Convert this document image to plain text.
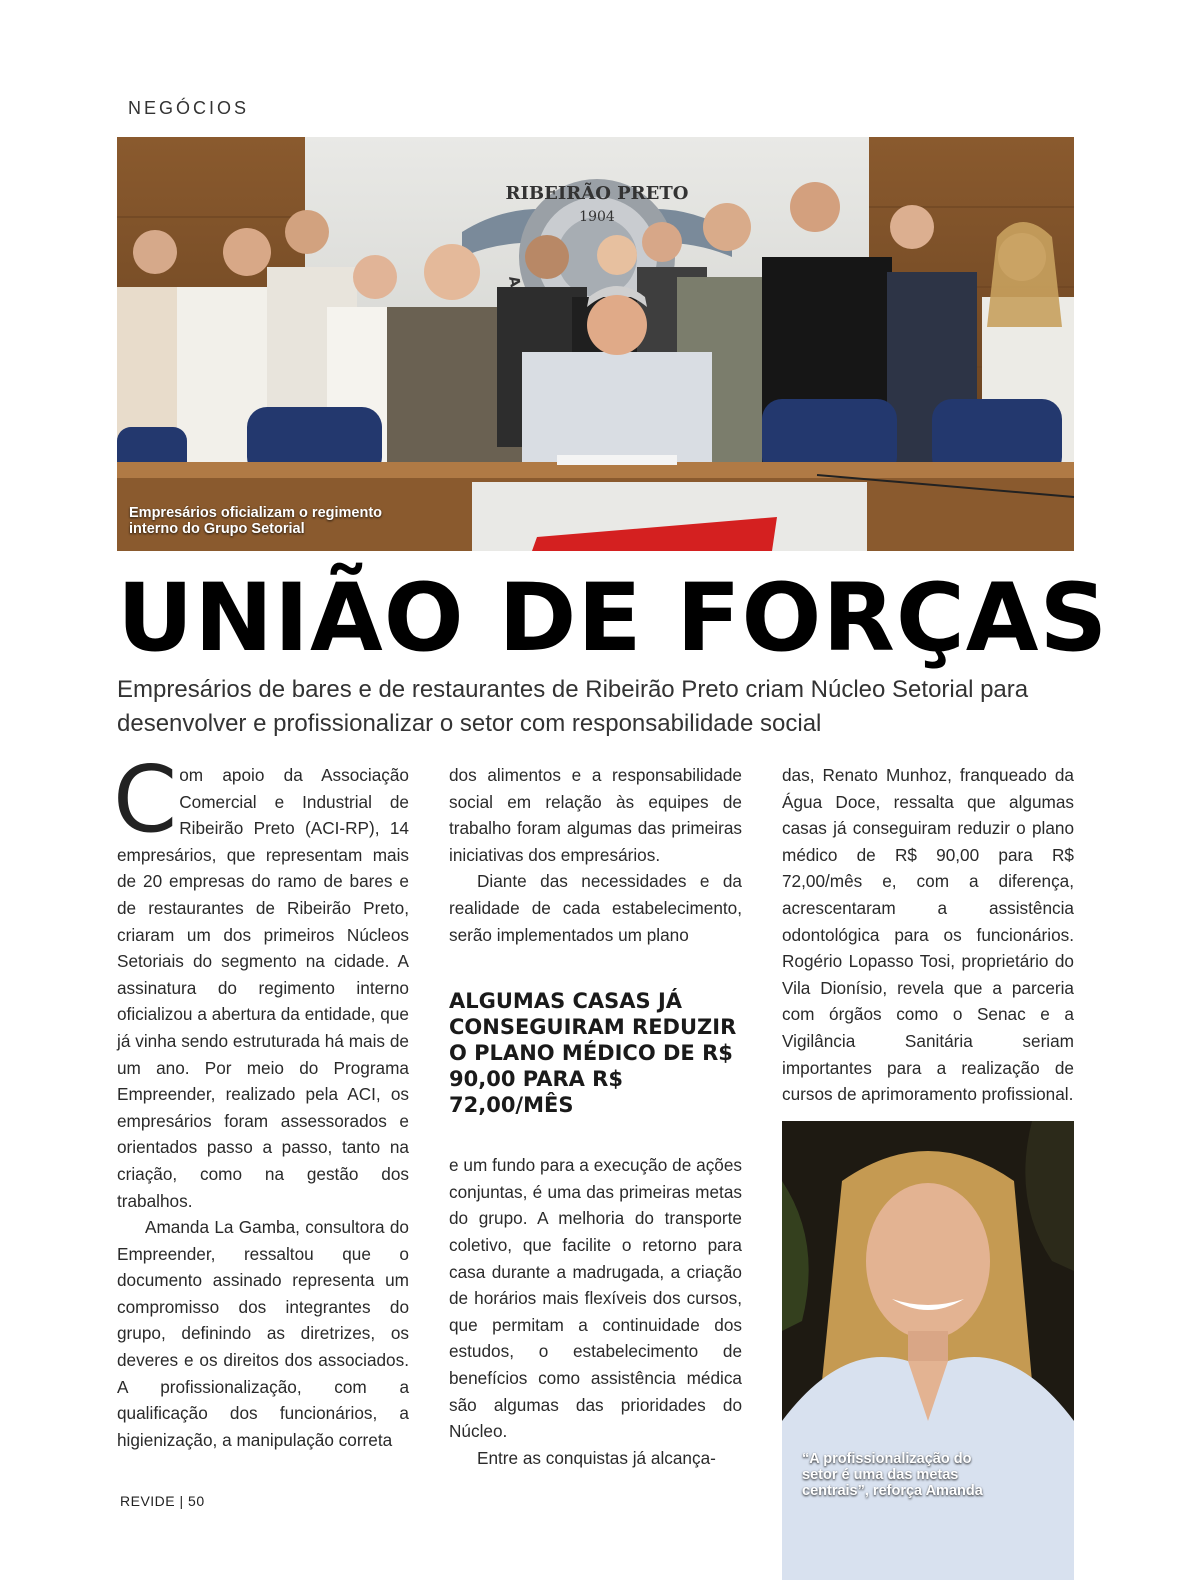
NEGÓCIOS
RIBEIRÃO PRETO
1904
Empresários oficializam o regimento interno do Grupo Setorial
UNIÃO DE FORÇAS
Empresários de bares e de restaurantes de Ribeirão Preto criam Núcleo Setorial para desenvolver e profissionalizar o setor com responsabilidade social

Com apoio da Associação Comercial e Industrial de Ribeirão Preto (ACI-RP), 14 empresários, que representam mais de 20 empresas do ramo de bares e de restaurantes de Ribeirão Preto, criaram um dos primeiros Núcleos Setoriais do segmento na cidade. A assinatura do regimento interno oficializou a abertura da entidade, que já vinha sendo estruturada há mais de um ano. Por meio do Programa Empreender, realizado pela ACI, os empresários foram assessorados e orientados passo a passo, tanto na criação, como na gestão dos trabalhos.

Amanda La Gamba, consultora do Empreender, ressaltou que o documento assinado representa um compromisso dos integrantes do grupo, definindo as diretrizes, os deveres e os direitos dos associados. A profissionalização, com a qualificação dos funcionários, a higienização, a manipulação correta

dos alimentos e a responsabilidade social em relação às equipes de trabalho foram algumas das primeiras iniciativas dos empresários.

Diante das necessidades e da realidade de cada estabelecimento, serão implementados um plano

ALGUMAS CASAS JÁ CONSEGUIRAM REDUZIR O PLANO MÉDICO DE R$ 90,00 PARA R$ 72,00/MÊS

e um fundo para a execução de ações conjuntas, é uma das primeiras metas do grupo. A melhoria do transporte coletivo, que facilite o retorno para casa durante a madrugada, a criação de horários mais flexíveis dos cursos, que permitam a continuidade dos estudos, o estabelecimento de benefícios como assistência médica são algumas das prioridades do Núcleo.

Entre as conquistas já alcança-

das, Renato Munhoz, franqueado da Água Doce, ressalta que algumas casas já conseguiram reduzir o plano médico de R$ 90,00 para R$ 72,00/mês e, com a diferença, acrescentaram a assistência odontológica para os funcionários. Rogério Lopasso Tosi, proprietário do Vila Dionísio, revela que a parceria com órgãos como o Senac e a Vigilância Sanitária seriam importantes para a realização de cursos de aprimoramento profissional.

“A profissionalização do setor é uma das metas centrais”, reforça Amanda
REVIDE | 50
